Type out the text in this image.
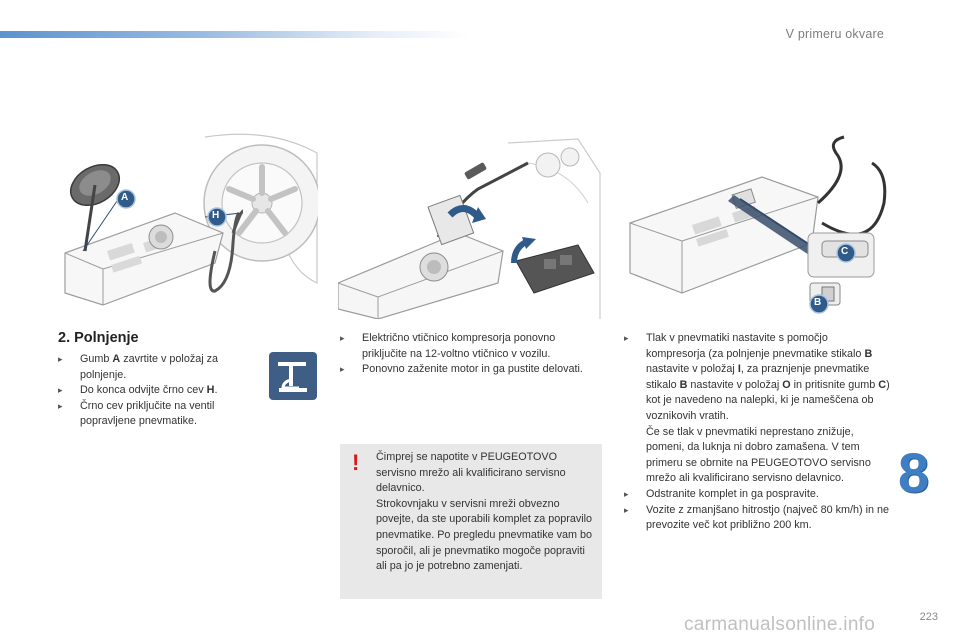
V primeru okvare
A
H
C
B
2. Polnjenje
▸ Gumb A zavrtite v položaj za polnjenje.
▸ Do konca odvijte črno cev H.
▸ Črno cev priključite na ventil popravljene pnevmatike.
▸ Električno vtičnico kompresorja ponovno priključite na 12-voltno vtičnico v vozilu.
▸ Ponovno zaženite motor in ga pustite delovati.
! Čimprej se napotite v PEUGEOTOVO servisno mrežo ali kvalificirano servisno delavnico.
Strokovnjaku v servisni mreži obvezno povejte, da ste uporabili komplet za popravilo pnevmatike. Po pregledu pnevmatike vam bo sporočil, ali je pnevmatiko mogoče popraviti ali pa jo je potrebno zamenjati.
▸ Tlak v pnevmatiki nastavite s pomočjo kompresorja (za polnjenje pnevmatike stikalo B nastavite v položaj I, za praznjenje pnevmatike stikalo B nastavite v položaj O in pritisnite gumb C) kot je navedeno na nalepki, ki je nameščena ob voznikovih vratih.
Če se tlak v pnevmatiki neprestano znižuje, pomeni, da luknja ni dobro zamašena. V tem primeru se obrnite na PEUGEOTOVO servisno mrežo ali kvalificirano servisno delavnico.
▸ Odstranite komplet in ga pospravite.
▸ Vozite z zmanjšano hitrostjo (največ 80 km/h) in ne prevozite več kot približno 200 km.
8
223
carmanualsonline.info
